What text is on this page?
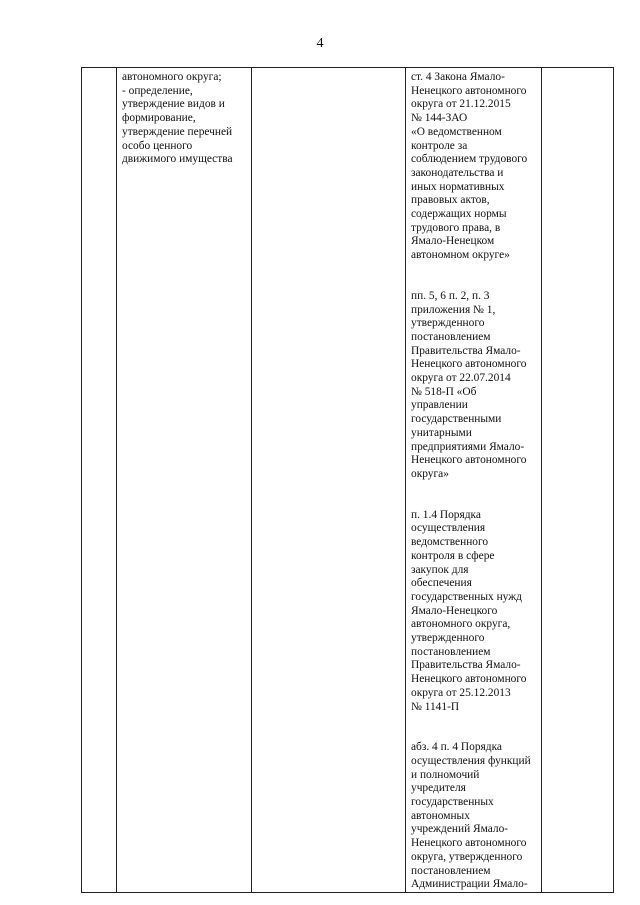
4

автономного округа;
- определение,
утверждение видов и
формирование,
утверждение перечней
особо ценного
движимого имущества

ст. 4 Закона Ямало-
Ненецкого автономного
округа от 21.12.2015
№ 144-ЗАО
«О ведомственном
контроле за
соблюдением трудового
законодательства и
иных нормативных
правовых актов,
содержащих нормы
трудового права, в
Ямало-Ненецком
автономном округе»

пп. 5, 6 п. 2, п. 3
приложения № 1,
утвержденного
постановлением
Правительства Ямало-
Ненецкого автономного
округа от 22.07.2014
№ 518-П «Об
управлении
государственными
унитарными
предприятиями Ямало-
Ненецкого автономного
округа»

п. 1.4 Порядка
осуществления
ведомственного
контроля в сфере
закупок для
обеспечения
государственных нужд
Ямало-Ненецкого
автономного округа,
утвержденного
постановлением
Правительства Ямало-
Ненецкого автономного
округа от 25.12.2013
№ 1141-П

абз. 4 п. 4 Порядка
осуществления функций
и полномочий
учредителя
государственных
автономных
учреждений Ямало-
Ненецкого автономного
округа, утвержденного
постановлением
Администрации Ямало-
